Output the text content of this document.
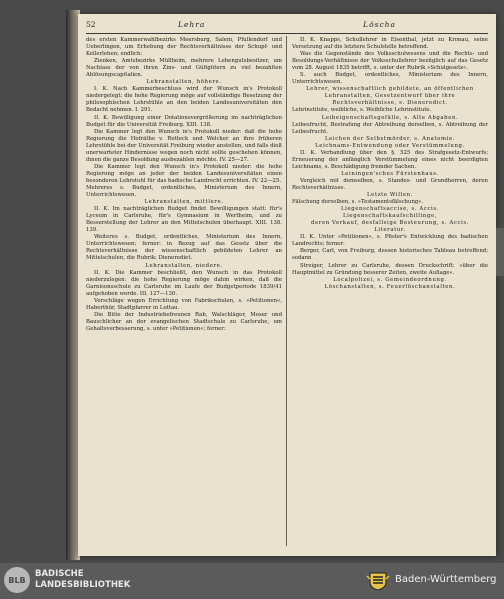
52	Lehra	Löscha

des ersten Kammerwahlbezirks Meersburg, Salem, Pfullendorf und Ueberlingen, um Erhebung der Rechtsverhältnisse der Schupf- und Kellerlehen; endlich:

Zienken, Amtsbezirks Müllheim, mehrere Lehengutsbesitzer, um Nachlass der von ihren Zins- und Gültgütern zu viel bezahlten Ablösungscapitalien.

Lehranstalten, höhere.

I. K. Nach Kammerbeschluss wird der Wunsch in's Protokoll niedergelegt: die hohe Regierung möge auf vollständige Besetzung der philosophischen Lehrstühle an den beiden Landesuniversitäten den Bedacht nehmen. I. 291.

II. K. Bewilligung einer Dotationsvergrößerung im nachträglichen Budget für die Universität Freiburg. XIII. 138.

Die Kammer legt den Wunsch in's Protokoll nieder: daß die hohe Regierung die Hofräthe v. Rotteck und Welcker an ihre früheren Lehrstühle bei der Universität Freiburg wieder anstellen, und falls dieß unerwarteter Hindernisse wegen noch nicht sollte geschehen können, ihnen die ganze Besoldung ausbezahlen möchte. IV. 25—27.

Die Kammer legt den Wunsch in's Protokoll nieder: die hohe Regierung möge an jeder der beiden Landesuniversitäten einen besonderen Lehrstuhl für das badische Landrecht errichten. IV. 22—25.

Mehreres s. Budget, ordentliches, Ministerium des Innern, Unterrichtswesen.

Lehranstalten, mittlere.

II. K. Im nachträglichen Budget findet Bewilligungen statt: für's Lyceum in Carlsruhe, für's Gymnasium in Wertheim, und zu Besserstellung der Lehrer an den Mittelschulen überhaupt. XIII. 138. 139.

Weiteres s. Budget, ordentliches, Ministerium des Innern, Unterrichtswesen; ferner: in Bezug auf das Gesetz über die Rechtsverhältnisse der wissenschaftlich gebildeten Lehrer an Mittelschulen, die Rubrik: Dienerediet.

Lehranstalten, niedere.

II. K. Die Kammer beschließt, den Wunsch in das Protokoll niederzulegen: die hohe Regierung möge dahin wirken, daß die Garnisonsschule zu Carlsruhe im Laufe der Budgetperiode 1839/41 aufgehoben werde. III. 127—130.

Vorschläge wegen Errichtung von Fabrikschulen, s. »Petitionen«, Haberthür, Stadtpfarrer in Lottau.

Die Bitte der Industriebefreunen Rab, Walschläger, Moser und Bauschlicher an der evangelischen Stadtschule zu Carlsruhe, um Gehaltsverbesserung, s. unter »Petitionen«; ferner:

II. K. Knapps, Schullehrer in Eisenthal, jetzt zu Kronau, seine Versetzung auf die letztere Schulstelle betreffend.

Was die Gegenstände des Volksschulwesens und die Rechts- und Besoldungs-Verhältnisse der Volksschullehrer bezüglich auf das Gesetz vom 28. August 1835 betrifft, s. unter der Rubrik »Schulgesetz«.

S. auch Budget, ordentliches, Ministerium des Innern, Unterrichtswesen.

Lehrer, wissenschaftlich gebildete, an öffentlichen Lehranstalten, Gesetzentwurf über ihre Rechtsverhältnisse, s. Dieneredict.

Lehrinstitute, weibliche, s. Weibliche Lehrinstitute.

Leibeigenschaftsgefälle, s. Alte Abgaben.

Leibesfrucht, Bestrafung der Abtreibung derselben, s. Abtreibung der Leibesfrucht.

Leichen der Selbstmörder, s. Anatomie.

Leichnams-Entwendung oder Verstümmelung.

II. K. Verhandlung über den §. 525 des Strafgesetz-Entwurfs; Erneuerung der anfänglich Verstümmelung eines nicht beerdigten Leichnams, s. Beschädigung fremder Sachen.

Leiningen'sches Fürstenhaus.

Vergleich mit demselben, s. Standes- und Grundherren, deren Rechtsverhältnisse.

Letzte Willen.

Fälschung derselben, s. »Testamentsfälschung«.

Liegenschaftsaccise, s. Accis.

Liegenschaftskaufschillinge,

deren Verkauf, desfallsige Besteurung, s. Accis.

Literatur.

II. K. Unter »Petitionen«, s. Pfister's Entwicklung des badischen Landrechts; ferner:

Berger, Carl, von Freiburg, dessen historisches Tableau betreffend; sodann

Streiger, Lehrer zu Carlsruhe, dessen Druckschrift: »über die Hauptmittel zu Gründung besserer Zeiten, zweite Auflage«.

Localpolizei, s. Gemeindeordnung.

Löschanstalten, s. Feuerlöschanstalten.

BLB
BADISCHE
LANDESBIBLIOTHEK	Baden-Württemberg
